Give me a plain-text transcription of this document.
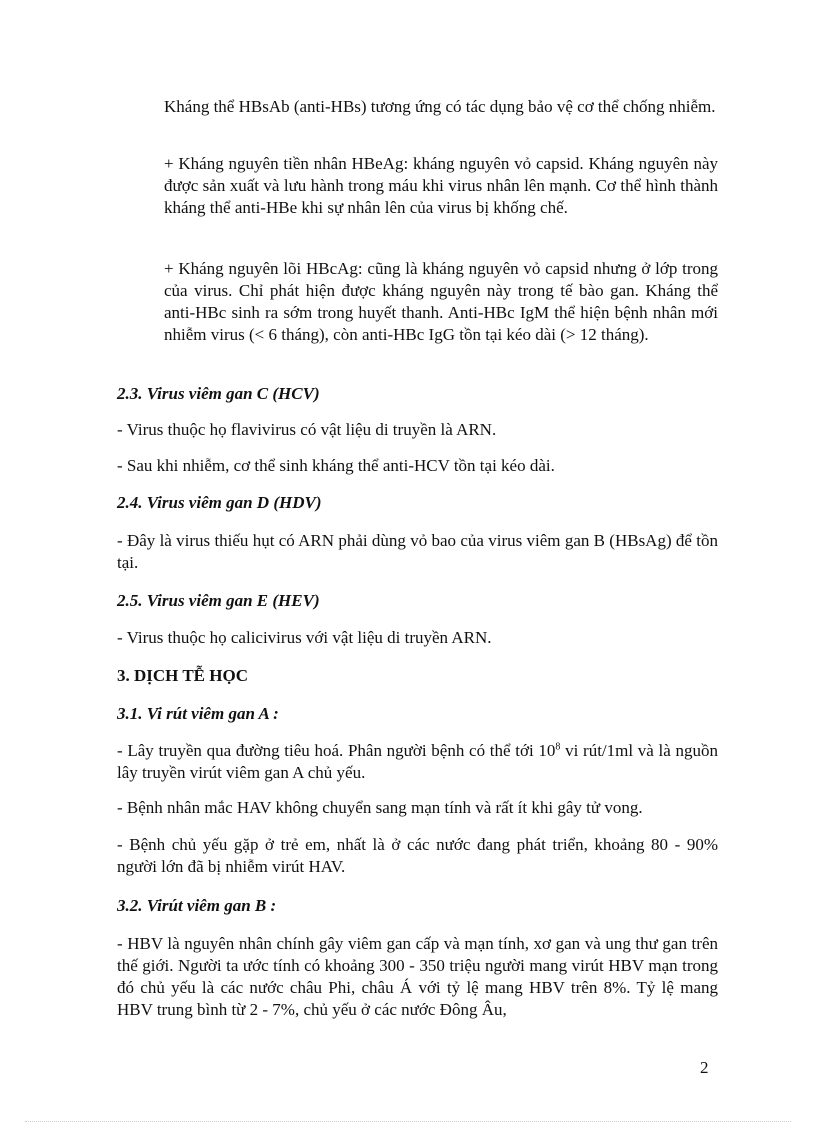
Kháng thể HBsAb (anti-HBs) tương ứng có tác dụng bảo vệ cơ thể chống nhiễm.

+ Kháng nguyên tiền nhân HBeAg: kháng nguyên vỏ capsid. Kháng nguyên này được sản xuất và lưu hành trong máu khi virus nhân lên mạnh. Cơ thể hình thành kháng thể anti-HBe khi sự nhân lên của virus bị khống chế.

+ Kháng nguyên lõi HBcAg: cũng là kháng nguyên vỏ capsid nhưng ở lớp trong của virus. Chỉ phát hiện được kháng nguyên này trong tế bào gan. Kháng thể anti-HBc sinh ra sớm trong huyết thanh. Anti-HBc IgM thể hiện bệnh nhân mới nhiễm virus (< 6 tháng), còn anti-HBc IgG tồn tại kéo dài (> 12 tháng).

2.3. Virus viêm gan C (HCV)

- Virus thuộc họ flavivirus có vật liệu di truyền là ARN.

- Sau khi nhiễm, cơ thể sinh kháng thể anti-HCV tồn tại kéo dài.

2.4. Virus viêm gan D (HDV)

- Đây là virus thiếu hụt có ARN phải dùng vỏ bao của virus viêm gan B (HBsAg) để tồn tại.

2.5. Virus viêm gan E (HEV)

- Virus thuộc họ calicivirus với vật liệu di truyền ARN.

3. DỊCH TỄ HỌC

3.1. Vi rút viêm gan A :

- Lây truyền qua đường tiêu hoá. Phân người bệnh có thể tới $10^8$ vi rút/1ml và là nguồn lây truyền virút viêm gan A chủ yếu.

- Bệnh nhân mắc HAV không chuyển sang mạn tính và rất ít khi gây tử vong.

- Bệnh chủ yếu gặp ở trẻ em, nhất là ở các nước đang phát triển, khoảng 80 - 90% người lớn đã bị nhiễm virút HAV.

3.2. Virút viêm gan B :

- HBV là nguyên nhân chính gây viêm gan cấp và mạn tính, xơ gan và ung thư gan trên thế giới. Người ta ước tính có khoảng 300 - 350 triệu người mang virút HBV mạn trong đó chủ yếu là các nước châu Phi, châu Á với tỷ lệ mang HBV trên 8%. Tỷ lệ mang HBV trung bình từ 2 - 7%, chủ yếu ở các nước Đông Âu,

2
